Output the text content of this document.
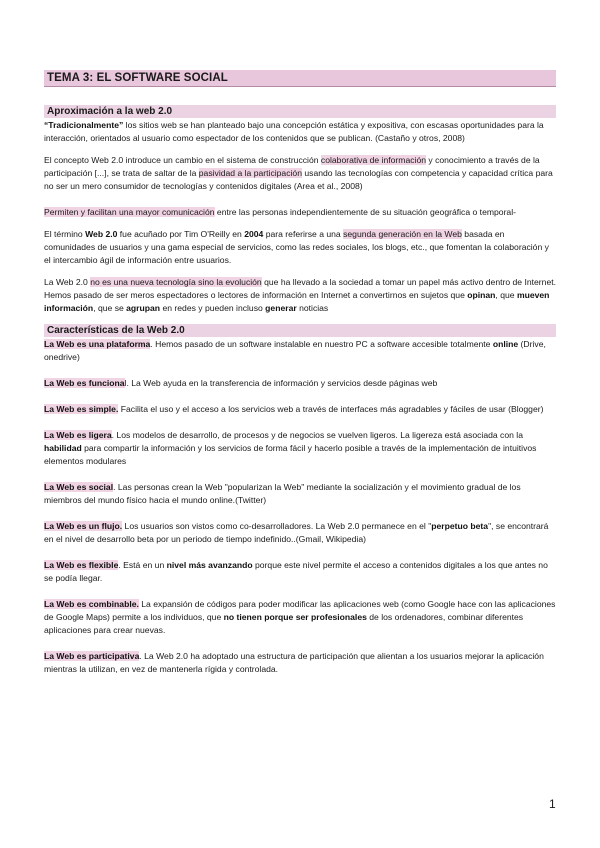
TEMA 3: EL SOFTWARE SOCIAL
Aproximación a la web 2.0

“Tradicionalmente” los sitios web se han planteado bajo una concepción estática y expositiva, con escasas oportunidades para la interacción, orientados al usuario como espectador de los contenidos que se publican. (Castaño y otros, 2008)

El concepto Web 2.0 introduce un cambio en el sistema de construcción colaborativa de información y conocimiento a través de la participación [...], se trata de saltar de la pasividad a la participación usando las tecnologías con competencia y capacidad crítica para no ser un mero consumidor de tecnologías y contenidos digitales (Area et al., 2008)

Permiten y facilitan una mayor comunicación entre las personas independientemente de su situación geográfica o temporal-

El término Web 2.0 fue acuñado por Tim O'Reilly en 2004 para referirse a una segunda generación en la Web basada en comunidades de usuarios y una gama especial de servicios, como las redes sociales, los blogs, etc., que fomentan la colaboración y el intercambio ágil de información entre usuarios.

La Web 2.0 no es una nueva tecnología sino la evolución que ha llevado a la sociedad a tomar un papel más activo dentro de Internet. Hemos pasado de ser meros espectadores o lectores de información en Internet a convertirnos en sujetos que opinan, que mueven información, que se agrupan en redes y pueden incluso generar noticias

Características de la Web 2.0

La Web es una plataforma. Hemos pasado de un software instalable en nuestro PC a software accesible totalmente online (Drive, onedrive)

La Web es funcional. La Web ayuda en la transferencia de información y servicios desde páginas web

La Web es simple. Facilita el uso y el acceso a los servicios web a través de interfaces más agradables y fáciles de usar (Blogger)

La Web es ligera. Los modelos de desarrollo, de procesos y de negocios se vuelven ligeros. La ligereza está asociada con la habilidad para compartir la información y los servicios de forma fácil y hacerlo posible a través de la implementación de intuitivos elementos modulares

La Web es social. Las personas crean la Web "popularizan la Web" mediante la socialización y el movimiento gradual de los miembros del mundo físico hacia el mundo online.(Twitter)

La Web es un flujo. Los usuarios son vistos como co-desarrolladores. La Web 2.0 permanece en el "perpetuo beta", se encontrará en el nivel de desarrollo beta por un periodo de tiempo indefinido..(Gmail, Wikipedia)

La Web es flexible. Está en un nivel más avanzando porque este nivel permite el acceso a contenidos digitales a los que antes no se podía llegar.

La Web es combinable. La expansión de códigos para poder modificar las aplicaciones web (como Google hace con las aplicaciones de Google Maps) permite a los individuos, que no tienen porque ser profesionales de los ordenadores, combinar diferentes aplicaciones para crear nuevas.

La Web es participativa. La Web 2.0 ha adoptado una estructura de participación que alientan a los usuarios mejorar la aplicación mientras la utilizan, en vez de mantenerla rígida y controlada.

1
